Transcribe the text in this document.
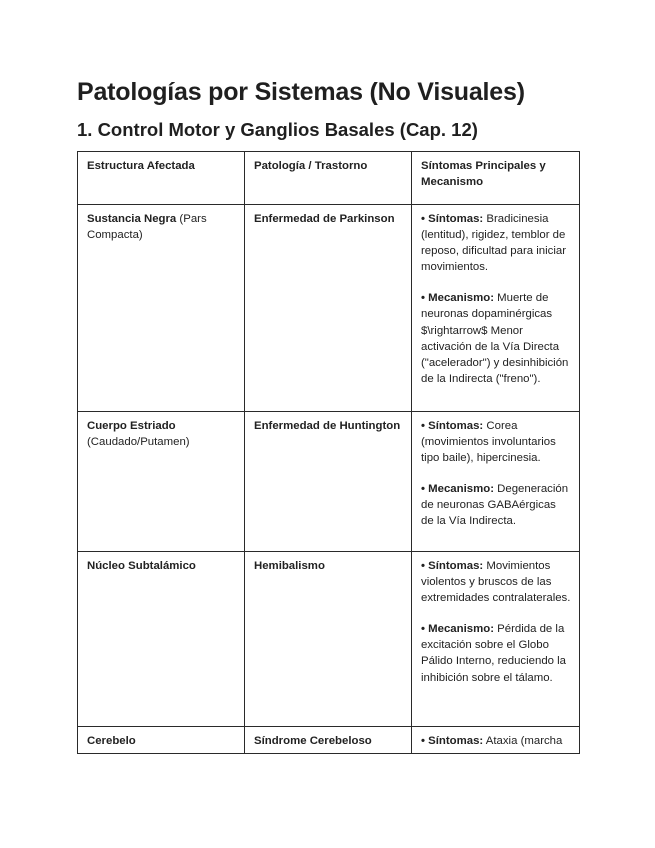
Patologías por Sistemas (No Visuales)
1. Control Motor y Ganglios Basales (Cap. 12)
Estructura Afectada	Patología / Trastorno	Síntomas Principales y Mecanismo
Sustancia Negra (Pars Compacta)	Enfermedad de Parkinson	• Síntomas: Bradicinesia (lentitud), rigidez, temblor de reposo, dificultad para iniciar movimientos.

• Mecanismo: Muerte de neuronas dopaminérgicas $\rightarrow$ Menor activación de la Vía Directa ("acelerador") y desinhibición de la Indirecta ("freno").

Cuerpo Estriado (Caudado/Putamen)	Enfermedad de Huntington	• Síntomas: Corea (movimientos involuntarios tipo baile), hipercinesia.

• Mecanismo: Degeneración de neuronas GABAérgicas de la Vía Indirecta.

Núcleo Subtalámico	Hemibalismo	• Síntomas: Movimientos violentos y bruscos de las extremidades contralaterales.

• Mecanismo: Pérdida de la excitación sobre el Globo Pálido Interno, reduciendo la inhibición sobre el tálamo.

Cerebelo	Síndrome Cerebeloso	• Síntomas: Ataxia (marcha
